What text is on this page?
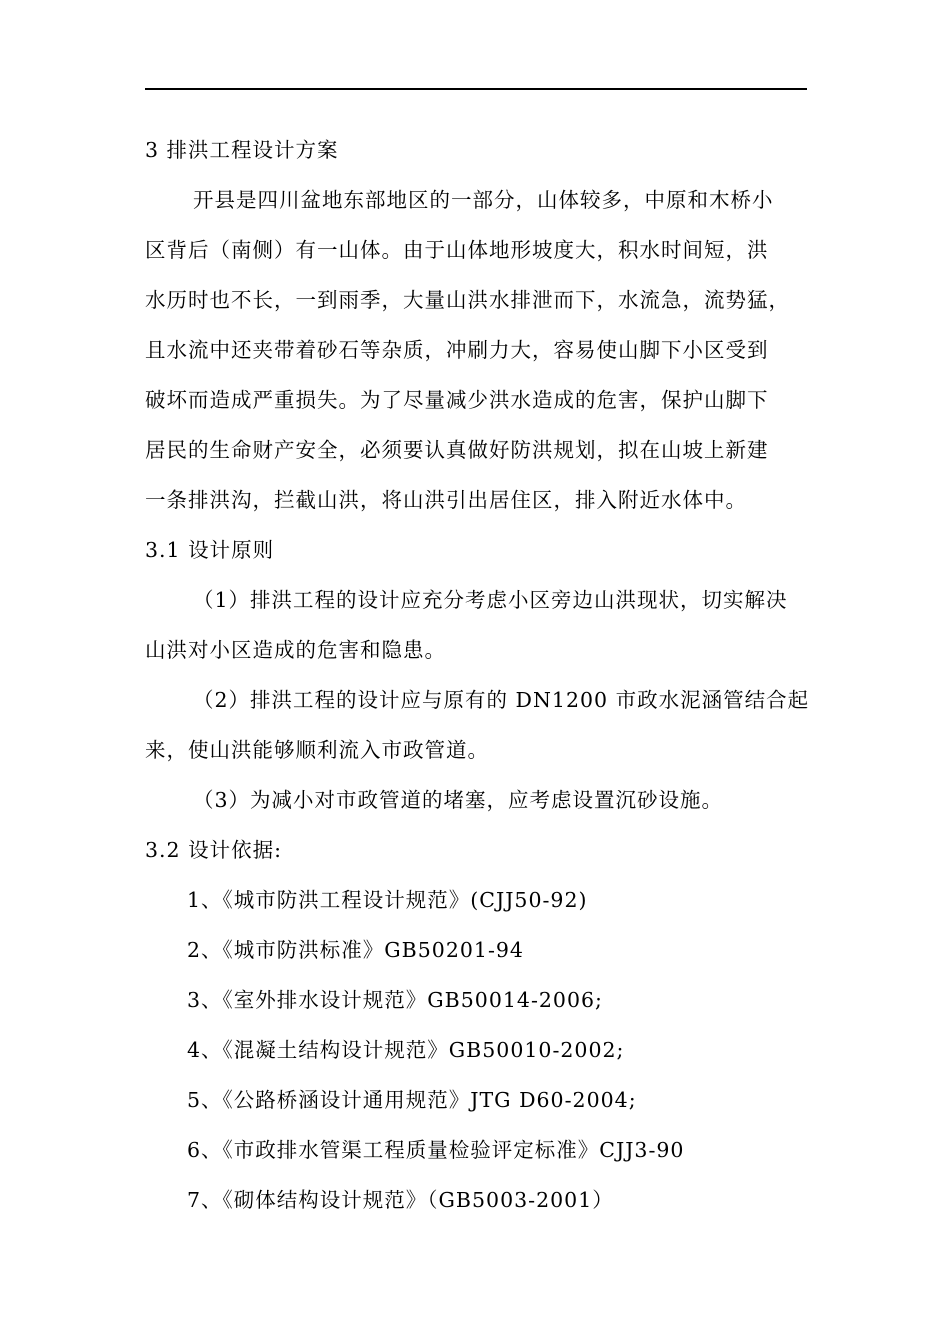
3 排洪工程设计方案
开县是四川盆地东部地区的一部分，山体较多，中原和木桥小
区背后（南侧）有一山体。由于山体地形坡度大，积水时间短，洪
水历时也不长，一到雨季，大量山洪水排泄而下，水流急，流势猛，
且水流中还夹带着砂石等杂质，冲刷力大，容易使山脚下小区受到
破坏而造成严重损失。为了尽量减少洪水造成的危害，保护山脚下
居民的生命财产安全，必须要认真做好防洪规划，拟在山坡上新建
一条排洪沟，拦截山洪，将山洪引出居住区，排入附近水体中。
3.1 设计原则
（1）排洪工程的设计应充分考虑小区旁边山洪现状，切实解决
山洪对小区造成的危害和隐患。
（2）排洪工程的设计应与原有的 DN1200 市政水泥涵管结合起
来，使山洪能够顺利流入市政管道。
（3）为减小对市政管道的堵塞，应考虑设置沉砂设施。
3.2 设计依据:
1、《城市防洪工程设计规范》(CJJ50-92)
2、《城市防洪标准》GB50201-94
3、《室外排水设计规范》GB50014-2006;
4、《混凝土结构设计规范》GB50010-2002;
5、《公路桥涵设计通用规范》JTG D60-2004;
6、《市政排水管渠工程质量检验评定标准》CJJ3-90
7、《砌体结构设计规范》（GB5003-2001）
